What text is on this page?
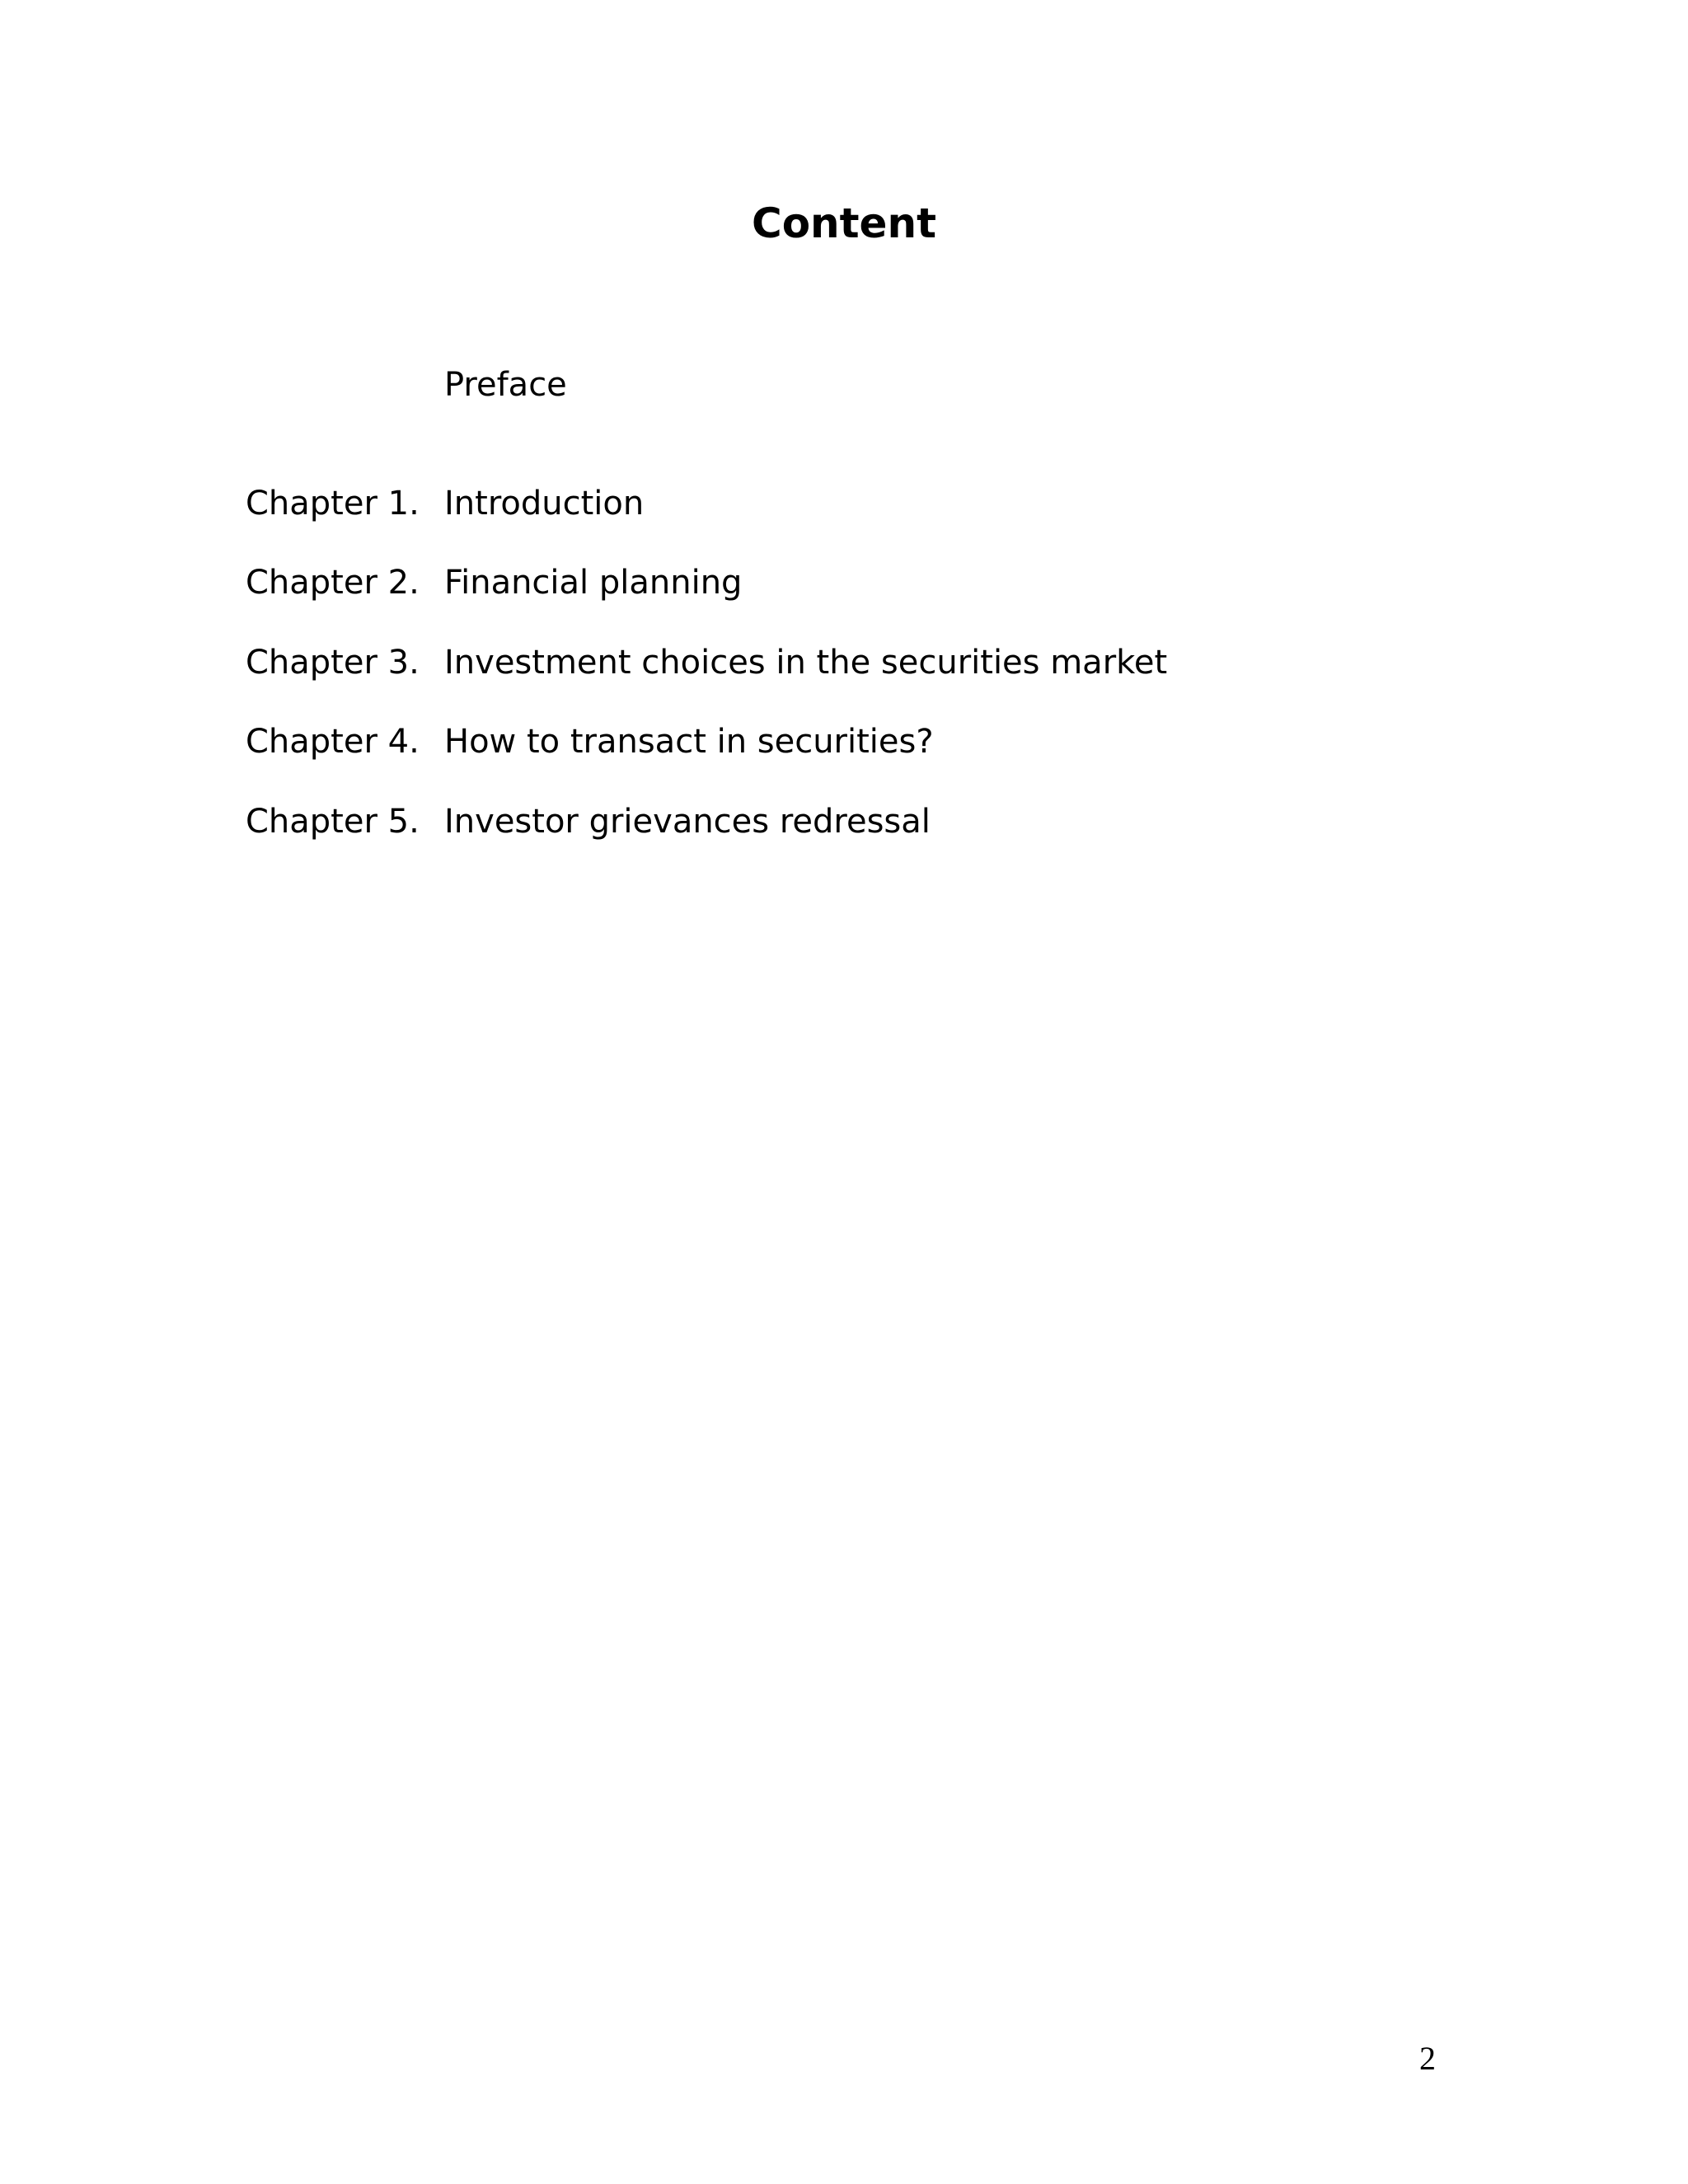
Content
Preface
Chapter 1. Introduction
Chapter 2. Financial planning
Chapter 3. Investment choices in the securities market
Chapter 4. How to transact in securities?
Chapter 5. Investor grievances redressal
2
